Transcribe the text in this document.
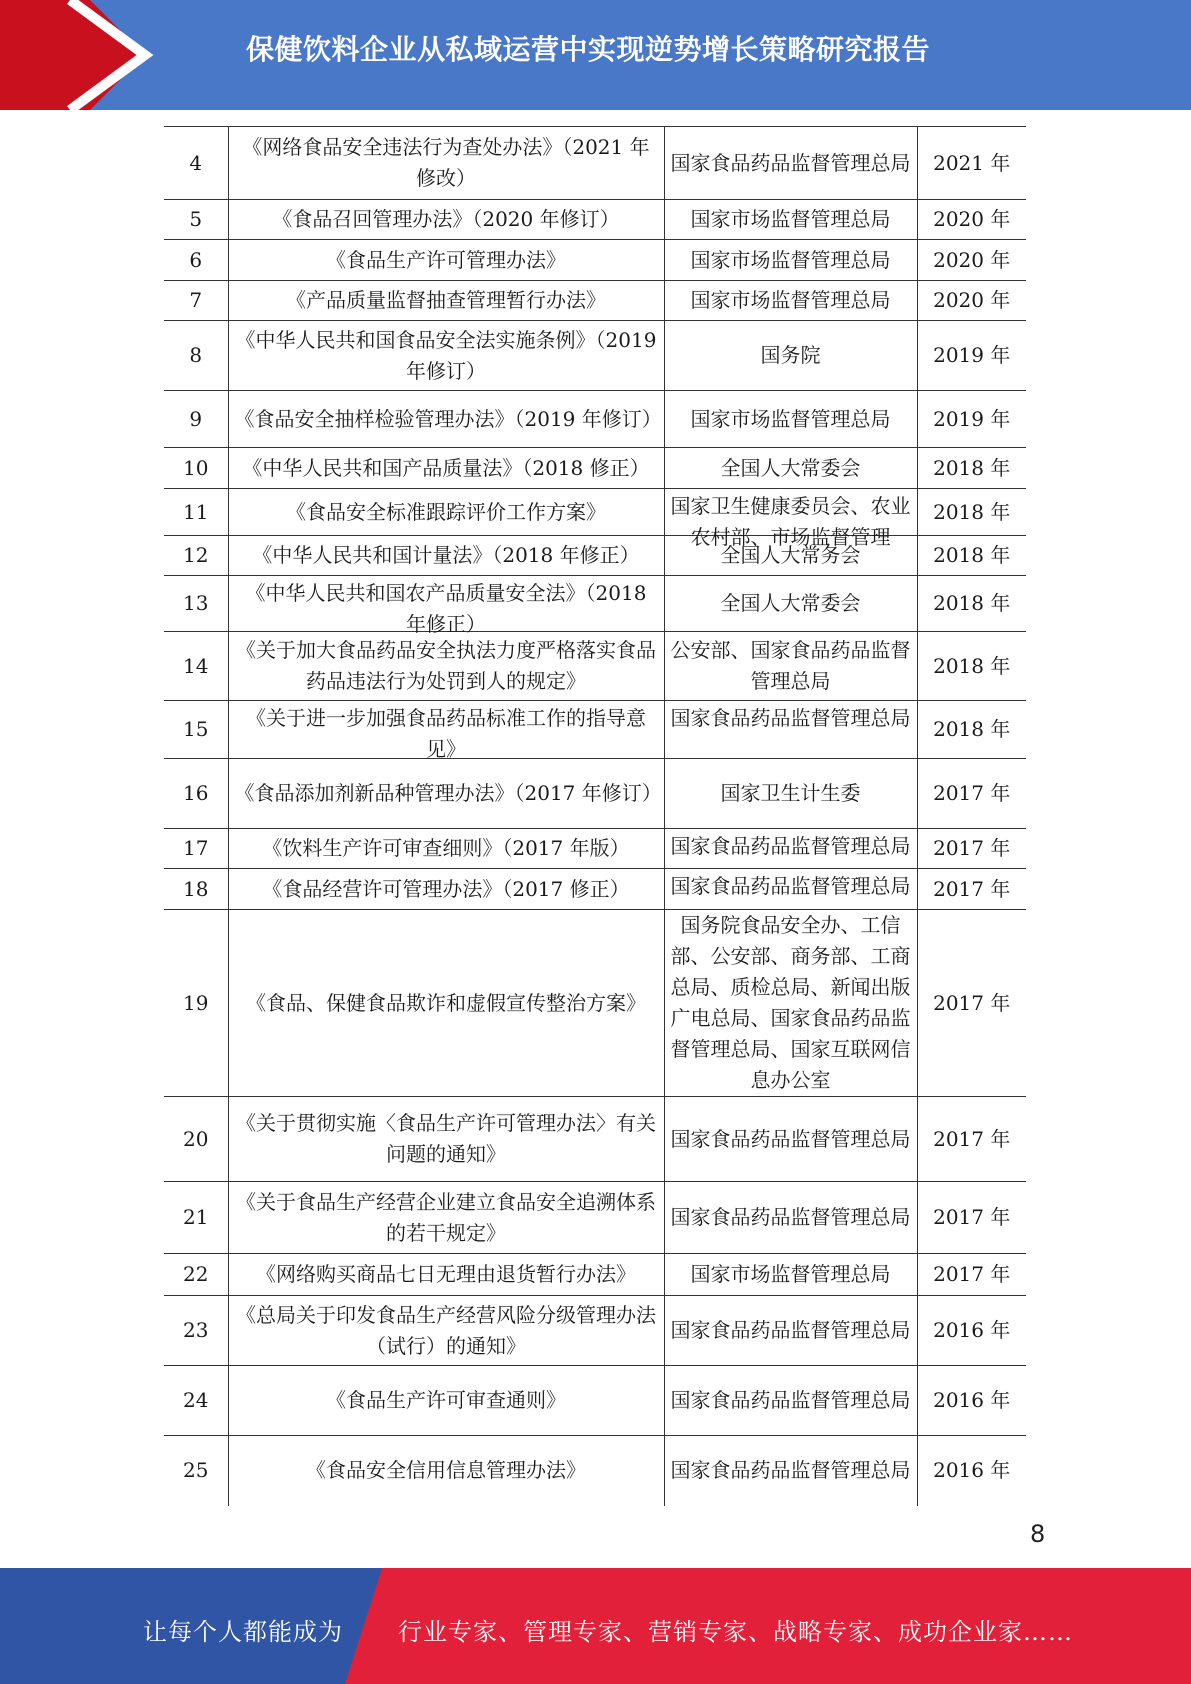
保健饮料企业从私域运营中实现逆势增长策略研究报告
4	《网络食品安全违法行为查处办法》（2021 年修改）	国家食品药品监督管理总局	2021 年
5	《食品召回管理办法》（2020 年修订）	国家市场监督管理总局	2020 年
6	《食品生产许可管理办法》	国家市场监督管理总局	2020 年
7	《产品质量监督抽查管理暂行办法》	国家市场监督管理总局	2020 年
8	《中华人民共和国食品安全法实施条例》（2019 年修订）	国务院	2019 年
9	《食品安全抽样检验管理办法》（2019 年修订）	国家市场监督管理总局	2019 年
10	《中华人民共和国产品质量法》（2018 修正）	全国人大常委会	2018 年
11	《食品安全标准跟踪评价工作方案》	国家卫生健康委员会、农业农村部、市场监督管理	2018 年
12	《中华人民共和国计量法》（2018 年修正）	全国人大常务会	2018 年
13	《中华人民共和国农产品质量安全法》（2018 年修正）	全国人大常委会	2018 年
14	《关于加大食品药品安全执法力度严格落实食品药品违法行为处罚到人的规定》	公安部、国家食品药品监督管理总局	2018 年
15	《关于进一步加强食品药品标准工作的指导意见》	国家食品药品监督管理总局	2018 年
16	《食品添加剂新品种管理办法》（2017 年修订）	国家卫生计生委	2017 年
17	《饮料生产许可审查细则》（2017 年版）	国家食品药品监督管理总局	2017 年
18	《食品经营许可管理办法》（2017 修正）	国家食品药品监督管理总局	2017 年
19	《食品、保健食品欺诈和虚假宣传整治方案》	国务院食品安全办、工信部、公安部、商务部、工商总局、质检总局、新闻出版广电总局、国家食品药品监督管理总局、国家互联网信息办公室	2017 年
20	《关于贯彻实施〈食品生产许可管理办法〉有关问题的通知》	国家食品药品监督管理总局	2017 年
21	《关于食品生产经营企业建立食品安全追溯体系的若干规定》	国家食品药品监督管理总局	2017 年
22	《网络购买商品七日无理由退货暂行办法》	国家市场监督管理总局	2017 年
23	《总局关于印发食品生产经营风险分级管理办法（试行）的通知》	国家食品药品监督管理总局	2016 年
24	《食品生产许可审查通则》	国家食品药品监督管理总局	2016 年
25	《食品安全信用信息管理办法》	国家食品药品监督管理总局	2016 年
8
让每个人都能成为 行业专家、管理专家、营销专家、战略专家、成功企业家……
